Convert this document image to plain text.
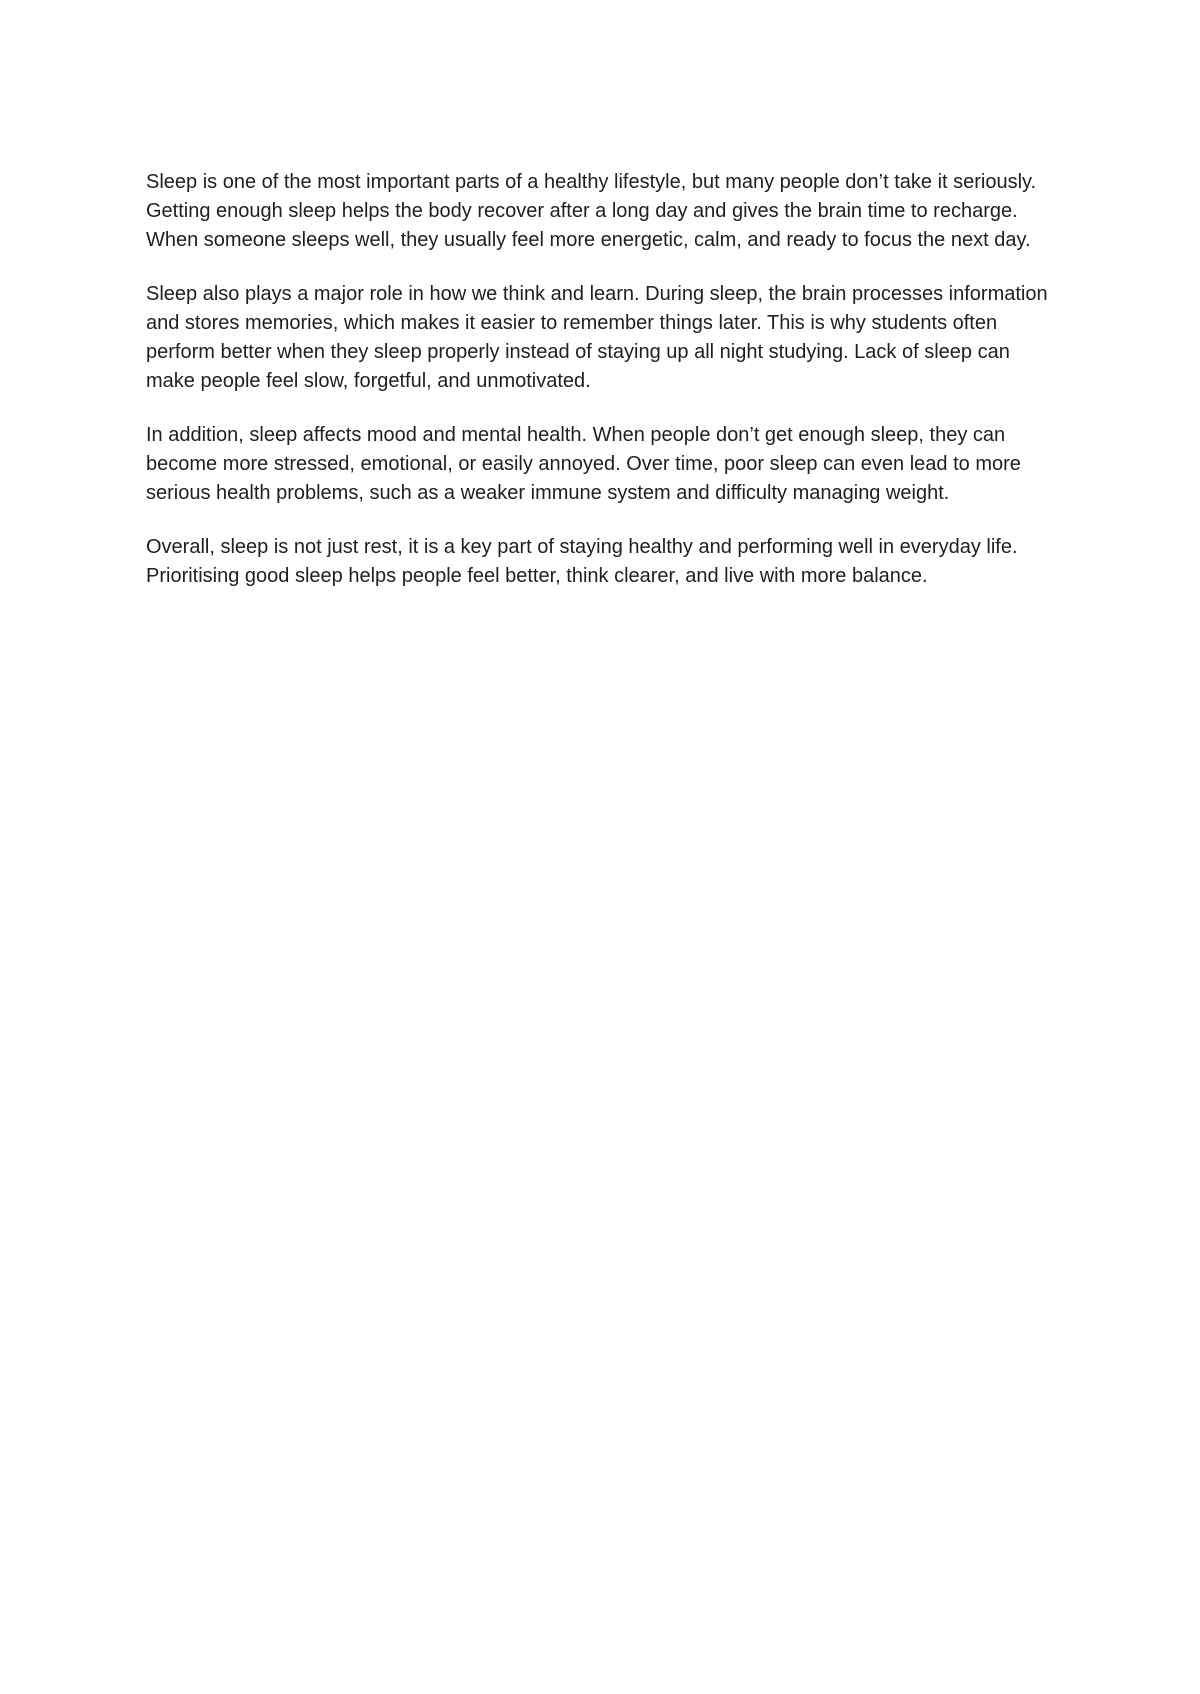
Sleep is one of the most important parts of a healthy lifestyle, but many people don’t take it seriously. Getting enough sleep helps the body recover after a long day and gives the brain time to recharge. When someone sleeps well, they usually feel more energetic, calm, and ready to focus the next day.

Sleep also plays a major role in how we think and learn. During sleep, the brain processes information and stores memories, which makes it easier to remember things later. This is why students often perform better when they sleep properly instead of staying up all night studying. Lack of sleep can make people feel slow, forgetful, and unmotivated.

In addition, sleep affects mood and mental health. When people don’t get enough sleep, they can become more stressed, emotional, or easily annoyed. Over time, poor sleep can even lead to more serious health problems, such as a weaker immune system and difficulty managing weight.

Overall, sleep is not just rest, it is a key part of staying healthy and performing well in everyday life. Prioritising good sleep helps people feel better, think clearer, and live with more balance.
